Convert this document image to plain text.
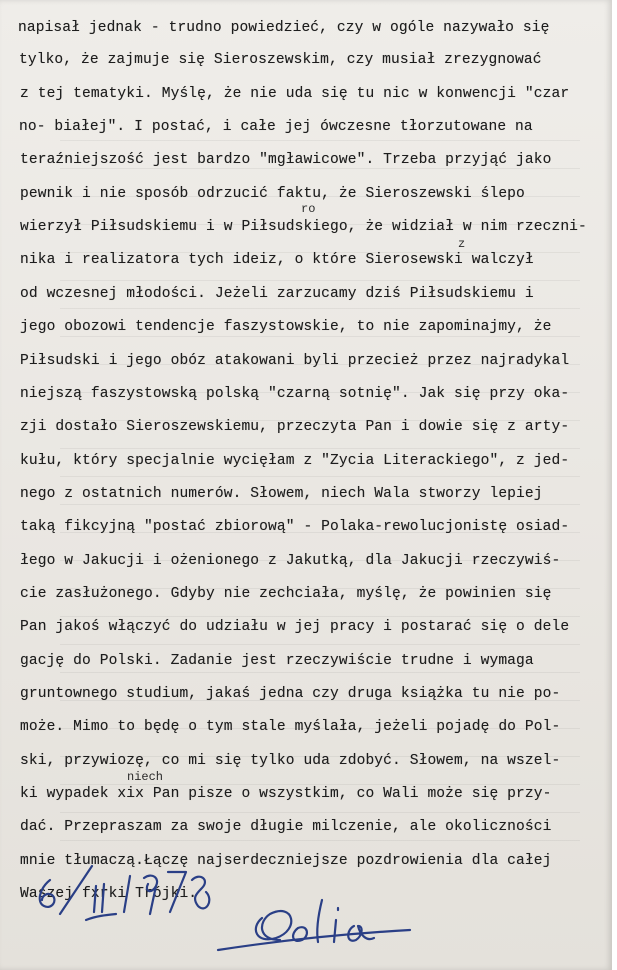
napisał jednak - trudno powiedzieć, czy w ogóle nazywało się
tylko, że zajmuje się Sieroszewskim, czy musiał zrezygnować
z tej tematyki. Myślę, że nie uda się tu nic w konwencji "czar
no- białej". I postać, i całe jej ówczesne tłorzutowane na
teraźniejszość jest bardzo "mgławicowe". Trzeba przyjąć jako
pewnik i nie sposób odrzucić faktu, że Sieroszewski ślepo
wierzył Piłsudskiemu i w Piłsudskiego, że widział w nim rzeczni-
nika i realizatora tych ideiz, o które Sierosewski walczył
od wczesnej młodości. Jeżeli zarzucamy dziś Piłsudskiemu i
jego obozowi tendencje faszystowskie, to nie zapominajmy, że
Piłsudski i jego obóz atakowani byli przecież przez najradykal
niejszą faszystowską polską "czarną sotnię". Jak się przy oka-
zji dostało Sieroszewskiemu, przeczyta Pan i dowie się z arty-
kułu, który specjalnie wycięłam z "Zycia Literackiego", z jed-
nego z ostatnich numerów. Słowem, niech Wala stworzy lepiej
taką fikcyjną "postać zbiorową" - Polaka-rewolucjonistę osiad-
łego w Jakucji i ożenionego z Jakutką, dla Jakucji rzeczywiś-
cie zasłużonego. Gdyby nie zechciała, myślę, że powinien się
Pan jakoś włączyć do udziału w jej pracy i postarać się o dele
gację do Polski. Zadanie jest rzeczywiście trudne i wymaga
gruntownego studium, jakaś jedna czy druga książka tu nie po-
może. Mimo to będę o tym stale myślała, jeżeli pojadę do Pol-
ski, przywiozę, co mi się tylko uda zdobyć. Słowem, na wszel-
ki wypadek xix Pan pisze o wszystkim, co Wali może się przy-
dać. Przepraszam za swoje długie milczenie, ale okoliczności
mnie tłumaczą.Łączę najserdeczniejsze pozdrowienia dla całej
Waszej fxrki Trójki.
ro
z
niech
